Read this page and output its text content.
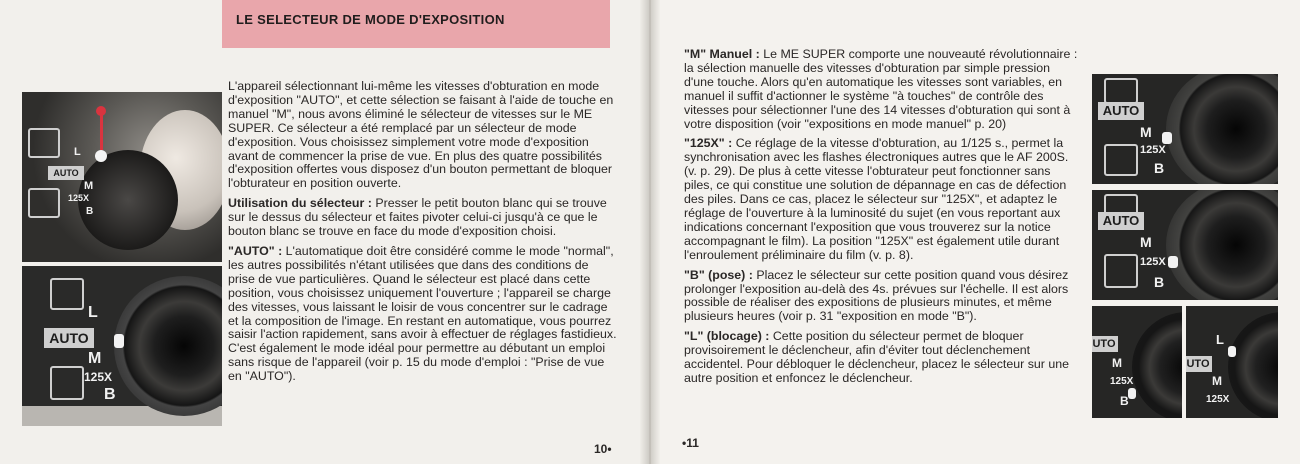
LE SELECTEUR DE MODE D'EXPOSITION
AUTO
L
M
125X
B
AUTO
L
M
125X
B

L'appareil sélectionnant lui-même les vitesses d'obturation en mode d'exposition "AUTO", et cette sélection se faisant à l'aide de touche en manuel "M", nous avons éliminé le sélecteur de vitesses sur le ME SUPER. Ce sélecteur a été remplacé par un sélecteur de mode d'exposition. Vous choisissez simplement votre mode d'exposition avant de commencer la prise de vue. En plus des quatre possibilités d'exposition offertes vous disposez d'un bouton permettant de bloquer l'obturateur en position ouverte.

Utilisation du sélecteur : Presser le petit bouton blanc qui se trouve sur le dessus du sélecteur et faites pivoter celui-ci jusqu'à ce que le bouton blanc se trouve en face du mode d'exposition choisi.

"AUTO" : L'automatique doit être considéré comme le mode "normal", les autres possibilités n'étant utilisées que dans des conditions de prise de vue particulières. Quand le sélecteur est placé dans cette position, vous choisissez uniquement l'ouverture ; l'appareil se charge des vitesses, vous laissant le loisir de vous concentrer sur le cadrage et la composition de l'image. En restant en automatique, vous pourrez saisir l'action rapidement, sans avoir à effectuer de réglages fastidieux. C'est également le mode idéal pour permettre au débutant un emploi sans risque de l'appareil (voir p. 15 du mode d'emploi : "Prise de vue en "AUTO").

10•

"M" Manuel : Le ME SUPER comporte une nouveauté révolutionnaire : la sélection manuelle des vitesses d'obturation par simple pression d'une touche. Alors qu'en automatique les vitesses sont variables, en manuel il suffit d'actionner le système "à touches" de contrôle des vitesses pour sélectionner l'une des 14 vitesses d'obturation qui sont à votre disposition (voir "expositions en mode manuel" p. 20)

"125X" : Ce réglage de la vitesse d'obturation, au 1/125 s., permet la synchronisation avec les flashes électroniques autres que le AF 200S. (v. p. 29). De plus à cette vitesse l'obturateur peut fonctionner sans piles, ce qui constitue une solution de dépannage en cas de défection des piles. Dans ce cas, placez le sélecteur sur "125X", et adaptez le réglage de l'ouverture à la luminosité du sujet (en vous reportant aux indications concernant l'exposition que vous trouverez sur la notice accompagnant le film). La position "125X" est également utile durant l'enroulement préliminaire du film (v. p. 8).

"B" (pose) : Placez le sélecteur sur cette position quand vous désirez prolonger l'exposition au-delà des 4s. prévues sur l'échelle. Il est alors possible de réaliser des expositions de plusieurs minutes, et même plusieurs heures (voir p. 31 "exposition en mode "B").

"L" (blocage) : Cette position du sélecteur permet de bloquer provisoirement le déclencheur, afin d'éviter tout déclenchement accidentel. Pour débloquer le déclencheur, placez le sélecteur sur une autre position et enfoncez le déclencheur.

•11
AUTO
M
125X
B
AUTO
M
125X
B
UTO
M
125X
B
UTO
L
M
125X
